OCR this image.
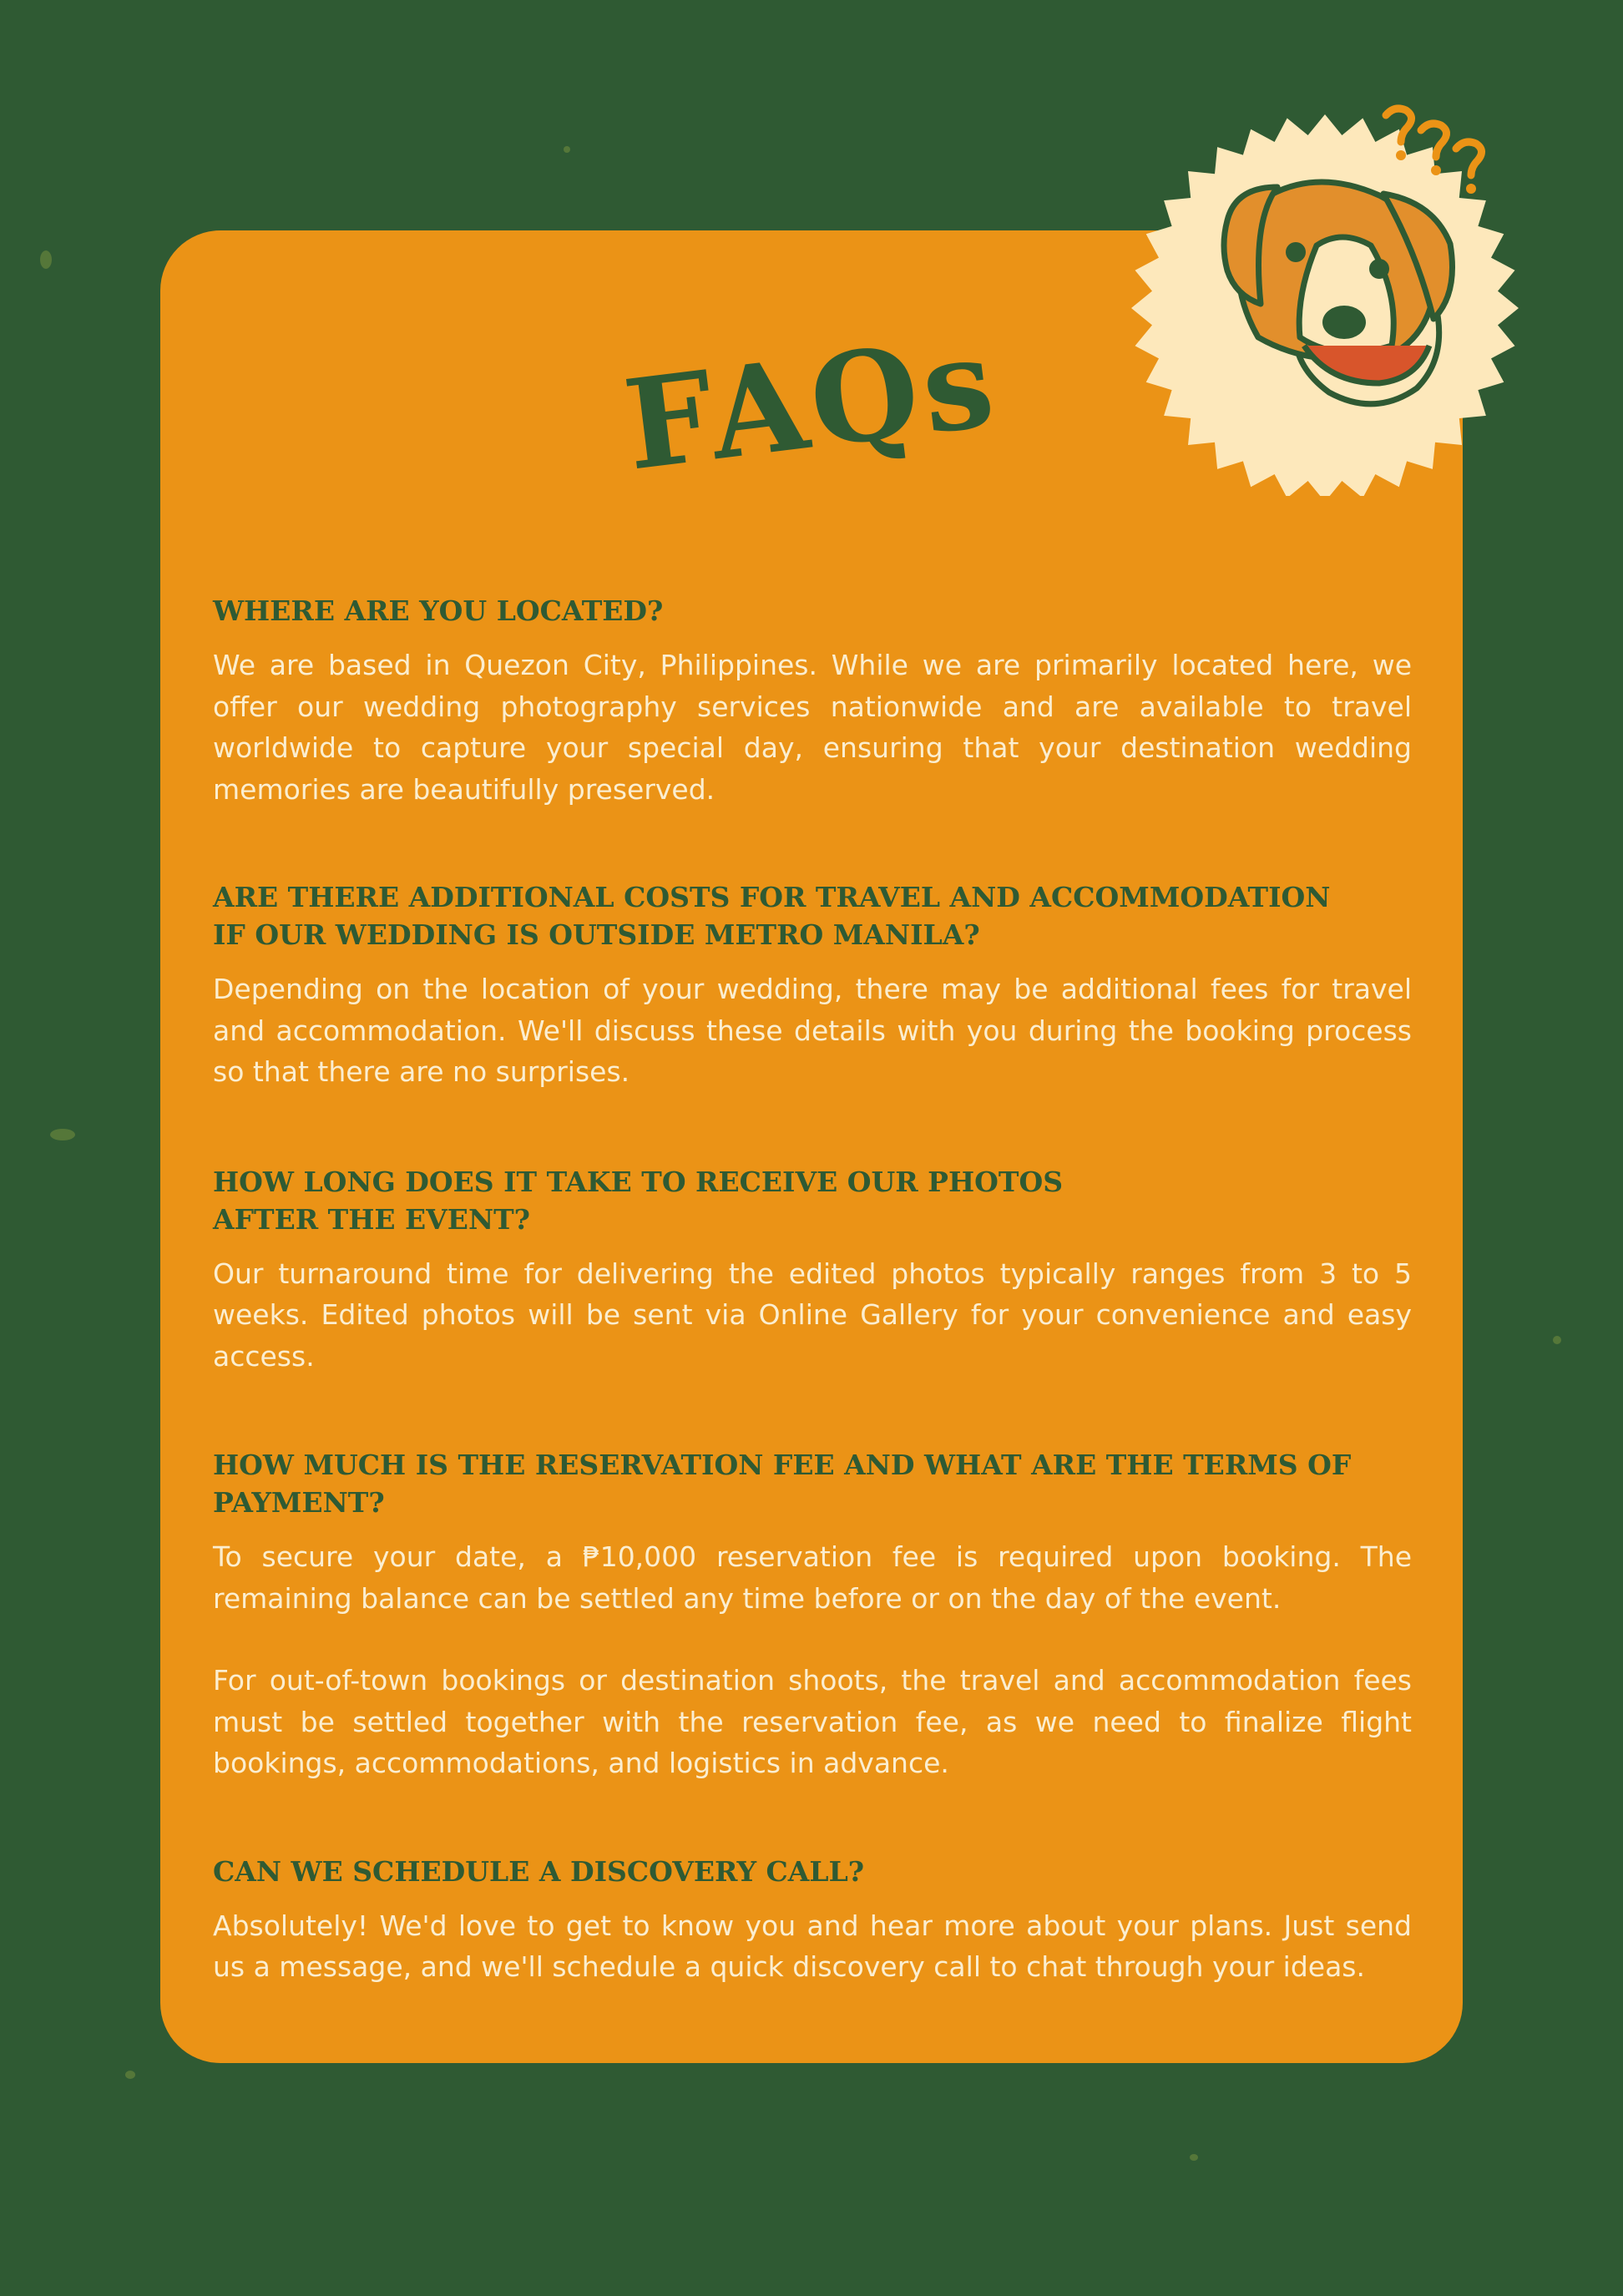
FAQs

WHERE ARE YOU LOCATED?

We are based in Quezon City, Philippines. While we are primarily located here, we offer our wedding photography services nationwide and are available to travel worldwide to capture your special day, ensuring that your destination wedding memories are beautifully preserved.

ARE THERE ADDITIONAL COSTS FOR TRAVEL AND ACCOMMODATION IF OUR WEDDING IS OUTSIDE METRO MANILA?

Depending on the location of your wedding, there may be additional fees for travel and accommodation. We'll discuss these details with you during the booking process so that there are no surprises.

HOW LONG DOES IT TAKE TO RECEIVE OUR PHOTOS AFTER THE EVENT?

Our turnaround time for delivering the edited photos typically ranges from 3 to 5 weeks. Edited photos will be sent via Online Gallery for your convenience and easy access.

HOW MUCH IS THE RESERVATION FEE AND WHAT ARE THE TERMS OF PAYMENT?

To secure your date, a ₱10,000 reservation fee is required upon booking. The remaining balance can be settled any time before or on the day of the event.

For out-of-town bookings or destination shoots, the travel and accommodation fees must be settled together with the reservation fee, as we need to finalize flight bookings, accommodations, and logistics in advance.

CAN WE SCHEDULE A DISCOVERY CALL?

Absolutely! We'd love to get to know you and hear more about your plans. Just send us a message, and we'll schedule a quick discovery call to chat through your ideas.
